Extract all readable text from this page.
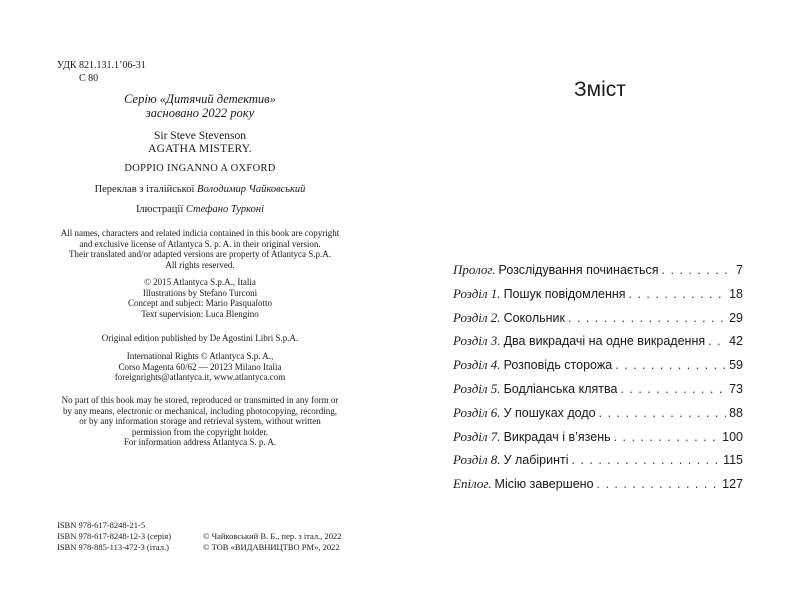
УДК 821.131.1’06-31

С 80

Серію «Дитячий детектив»
засновано 2022 року

Sir Steve Stevenson

AGATHA MISTERY.

DOPPIO INGANNO A OXFORD

Переклав з італійської Володимир Чайковський

Ілюстрації Стефано Турконі

All names, characters and related indicia contained in this book are copyright
and exclusive license of Atlantyca S. p. A. in their original version.
Their translated and/or adapted versions are property of Atlantyca S.p.A.
All rights reserved.
© 2015 Atlantyca S.p.A., Italia
Illustrations by Stefano Turconi
Concept and subject: Mario Pasqualotto
Text supervision: Luca Blengino

Original edition published by De Agostini Libri S.p.A.

International Rights © Atlantyca S.p. A.,
Corso Magenta 60/62 — 20123 Milano Italia
foreignrights@atlantyca.it, www.atlantyca.com
No part of this book may be stored, reproduced or transmitted in any form or
by any means, electronic or mechanical, including photocopying, recording,
or by any information storage and retrieval system, without written
permission from the copyright holder.
For information address Atlantyca S. p. A.
ISBN 978-617-8248-21-5
ISBN 978-617-8248-12-3 (серія)
ISBN 978-885-113-472-3 (італ.)
© Чайковський В. Б., пер. з італ., 2022
© ТОВ «ВИДАВНИЦТВО РМ», 2022
Зміст
Пролог. Розслідування починається . . .	7
Розділ 1. Пошук повідомлення . . .	18
Розділ 2. Сокольник . . .	29
Розділ 3. Два викрадачі на одне викрадення . . . 42
Розділ 4. Розповідь сторожа . . .	59
Розділ 5. Бодліанська клятва . . .	73
Розділ 6. У пошуках додо . . .	88
Розділ 7. Викрадач і в’язень . . .	100
Розділ 8. У лабіринті . . .	115
Епілог. Місію завершено . . .	127
